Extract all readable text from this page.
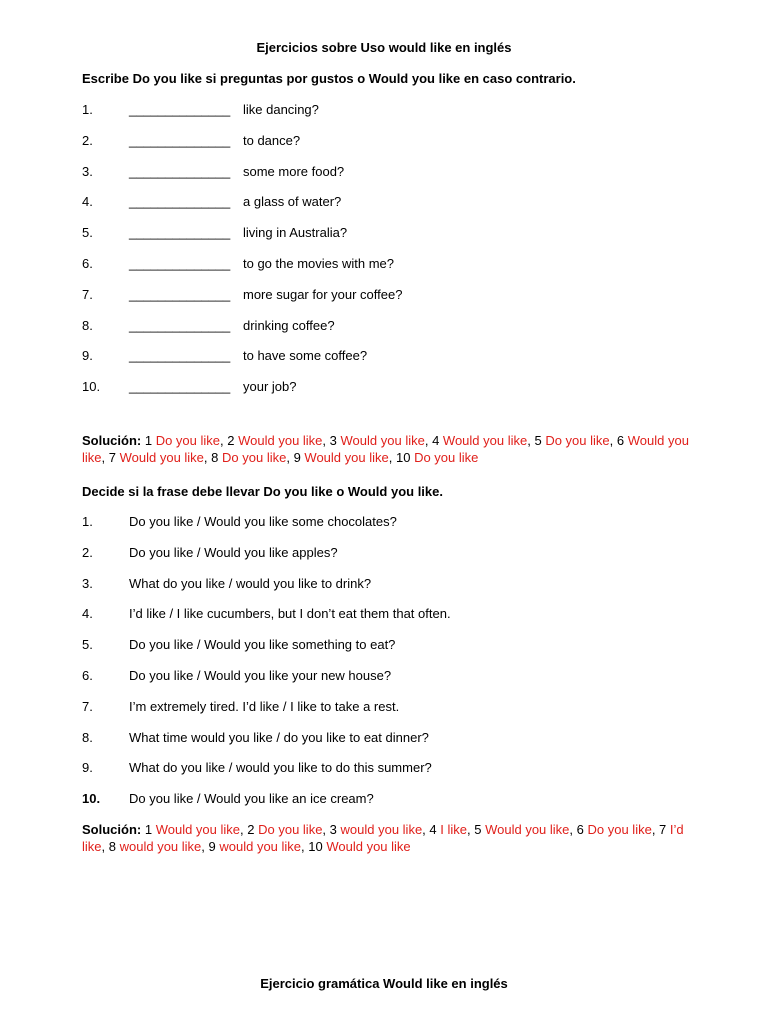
Ejercicios sobre Uso would like en inglés
Escribe Do you like si preguntas por gustos o Would you like en caso contrario.
1.	______________ like dancing?
2.	______________ to dance?
3.	______________ some more food?
4.	______________ a glass of water?
5.	______________ living in Australia?
6.	______________ to go the movies with me?
7.	______________ more sugar for your coffee?
8.	______________ drinking coffee?
9.	______________ to have some coffee?
10. ______________ your job?
Solución: 1 Do you like, 2 Would you like, 3 Would you like, 4 Would you like, 5 Do you like, 6 Would you like, 7 Would you like, 8 Do you like, 9 Would you like, 10 Do you like
Decide si la frase debe llevar Do you like o Would you like.
1.	Do you like / Would you like some chocolates?
2.	Do you like / Would you like apples?
3.	What do you like / would you like to drink?
4.	I’d like / I like cucumbers, but I don’t eat them that often.
5.	Do you like / Would you like something to eat?
6.	Do you like / Would you like your new house?
7.	I’m extremely tired. I’d like / I like to take a rest.
8.	What time would you like / do you like to eat dinner?
9.	What do you like / would you like to do this summer?
10. Do you like / Would you like an ice cream?
Solución: 1 Would you like, 2 Do you like, 3 would you like, 4 I like, 5 Would you like, 6 Do you like, 7 I’d like, 8 would you like, 9 would you like, 10 Would you like
Ejercicio gramática Would like en inglés
